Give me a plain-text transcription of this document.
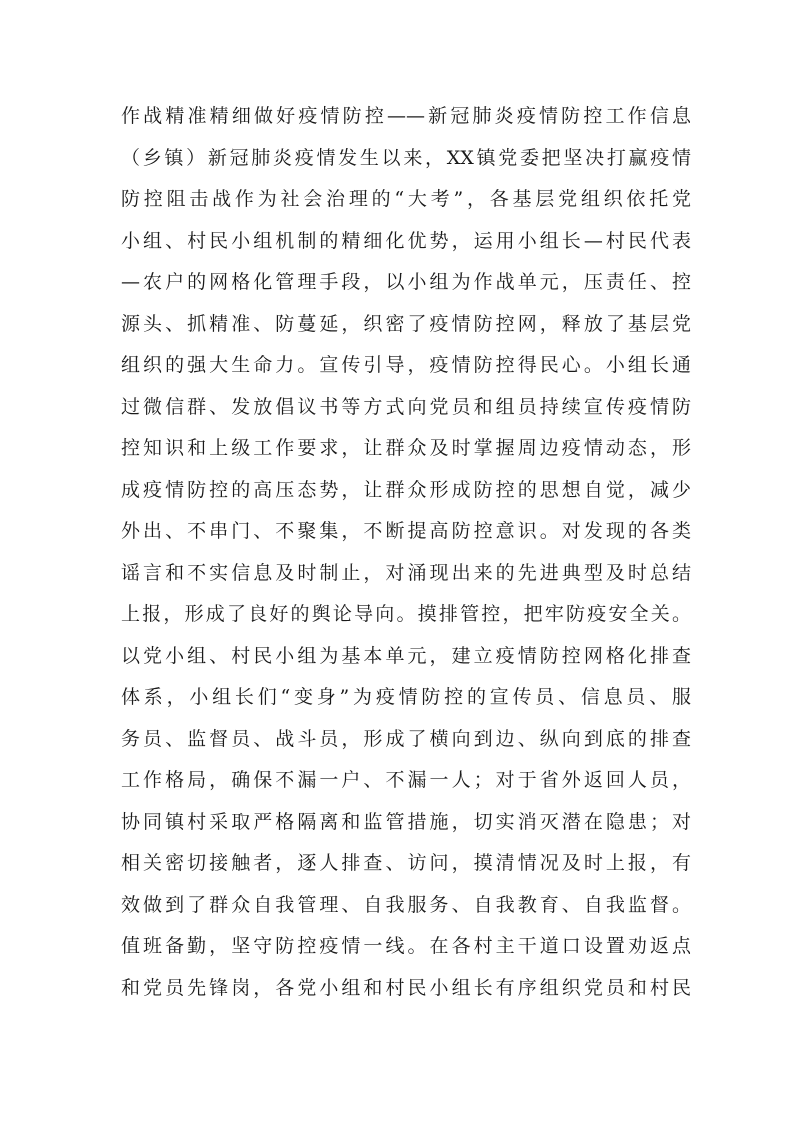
作战精准精细做好疫情防控——新冠肺炎疫情防控工作信息
（乡镇）新冠肺炎疫情发生以来，XX镇党委把坚决打赢疫情
防控阻击战作为社会治理的“大考”，各基层党组织依托党
小组、村民小组机制的精细化优势，运用小组长—村民代表
—农户的网格化管理手段，以小组为作战单元，压责任、控
源头、抓精准、防蔓延，织密了疫情防控网，释放了基层党
组织的强大生命力。宣传引导，疫情防控得民心。小组长通
过微信群、发放倡议书等方式向党员和组员持续宣传疫情防
控知识和上级工作要求，让群众及时掌握周边疫情动态，形
成疫情防控的高压态势，让群众形成防控的思想自觉，减少
外出、不串门、不聚集，不断提高防控意识。对发现的各类
谣言和不实信息及时制止，对涌现出来的先进典型及时总结
上报，形成了良好的舆论导向。摸排管控，把牢防疫安全关。
以党小组、村民小组为基本单元，建立疫情防控网格化排查
体系，小组长们“变身”为疫情防控的宣传员、信息员、服
务员、监督员、战斗员，形成了横向到边、纵向到底的排查
工作格局，确保不漏一户、不漏一人；对于省外返回人员，
协同镇村采取严格隔离和监管措施，切实消灭潜在隐患；对
相关密切接触者，逐人排查、访问，摸清情况及时上报，有
效做到了群众自我管理、自我服务、自我教育、自我监督。
值班备勤，坚守防控疫情一线。在各村主干道口设置劝返点
和党员先锋岗，各党小组和村民小组长有序组织党员和村民
